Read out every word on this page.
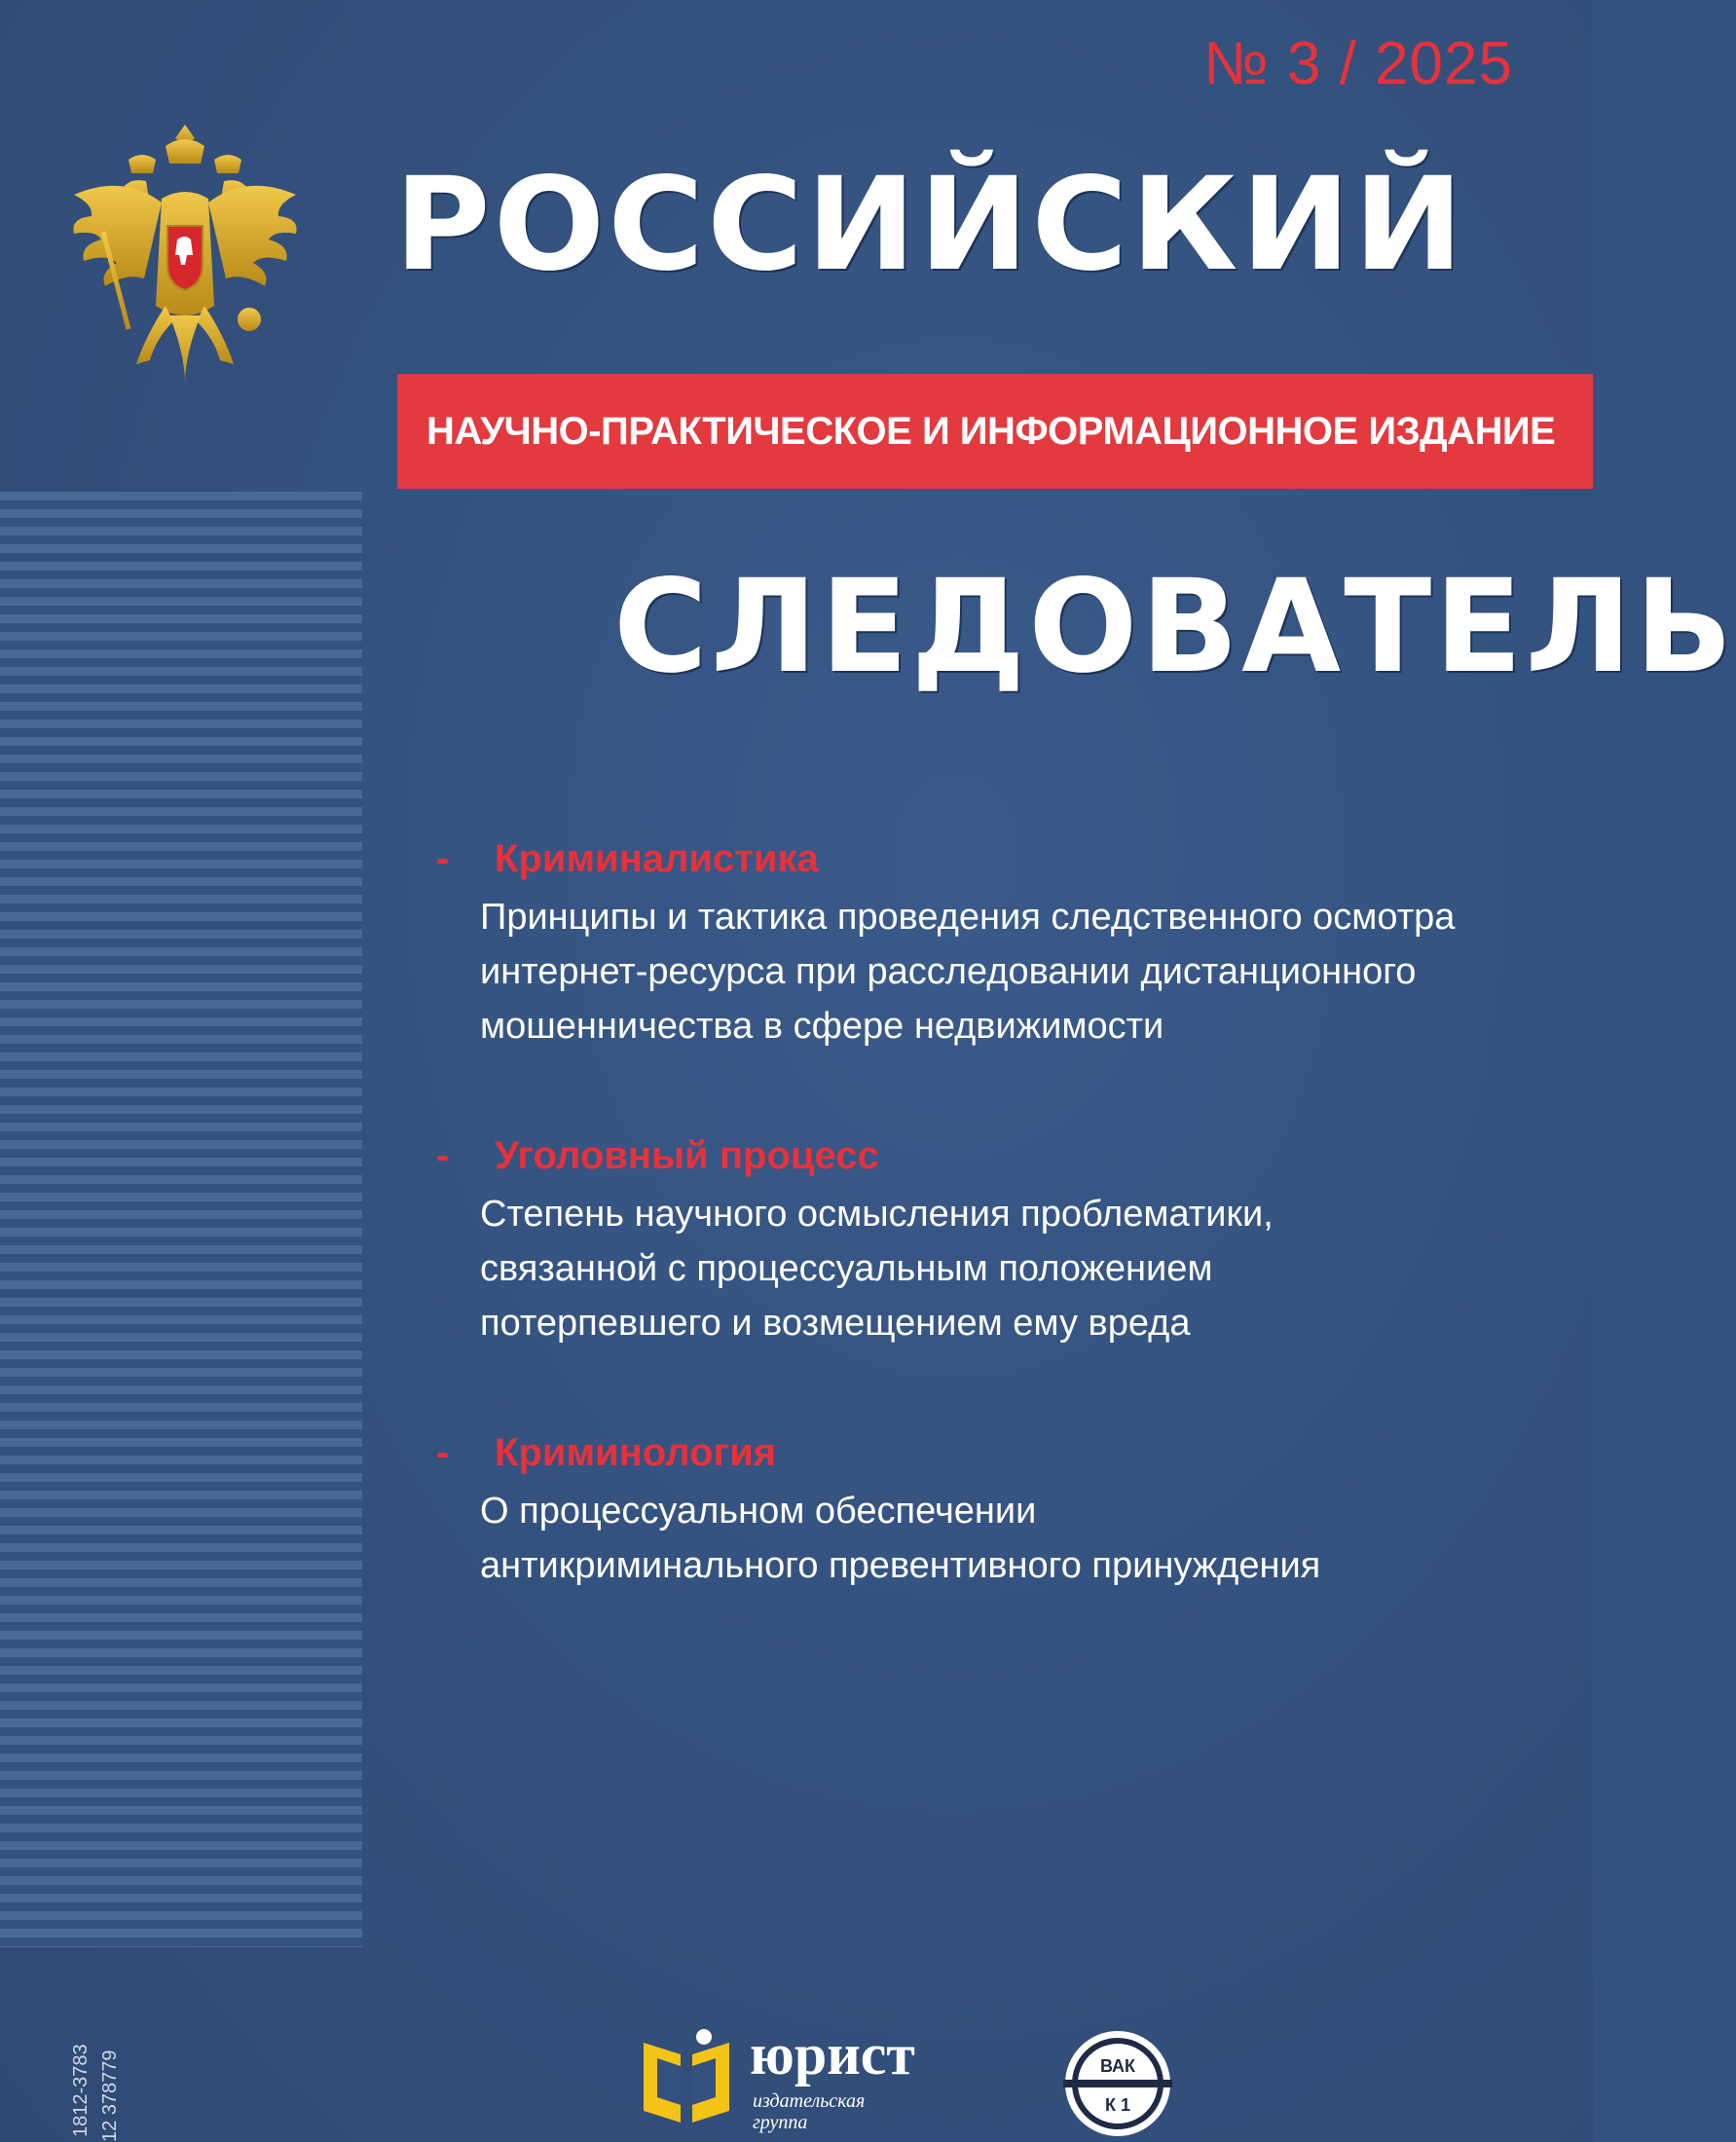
№ 3 / 2025
РОССИЙСКИЙ
НАУЧНО-ПРАКТИЧЕСКОЕ И ИНФОРМАЦИОННОЕ ИЗДАНИЕ
СЛЕДОВАТЕЛЬ
- Криминалистика
Принципы и тактика проведения следственного осмотра
интернет-ресурса при расследовании дистанционного
мошенничества в сфере недвижимости
- Уголовный процесс
Степень научного осмысления проблематики,
связанной с процессуальным положением
потерпевшего и возмещением ему вреда
- Криминология
О процессуальном обеспечении
антикриминального превентивного принуждения
1812-3783 12 378779	юрист
издательская
группа
ВАК
К 1
